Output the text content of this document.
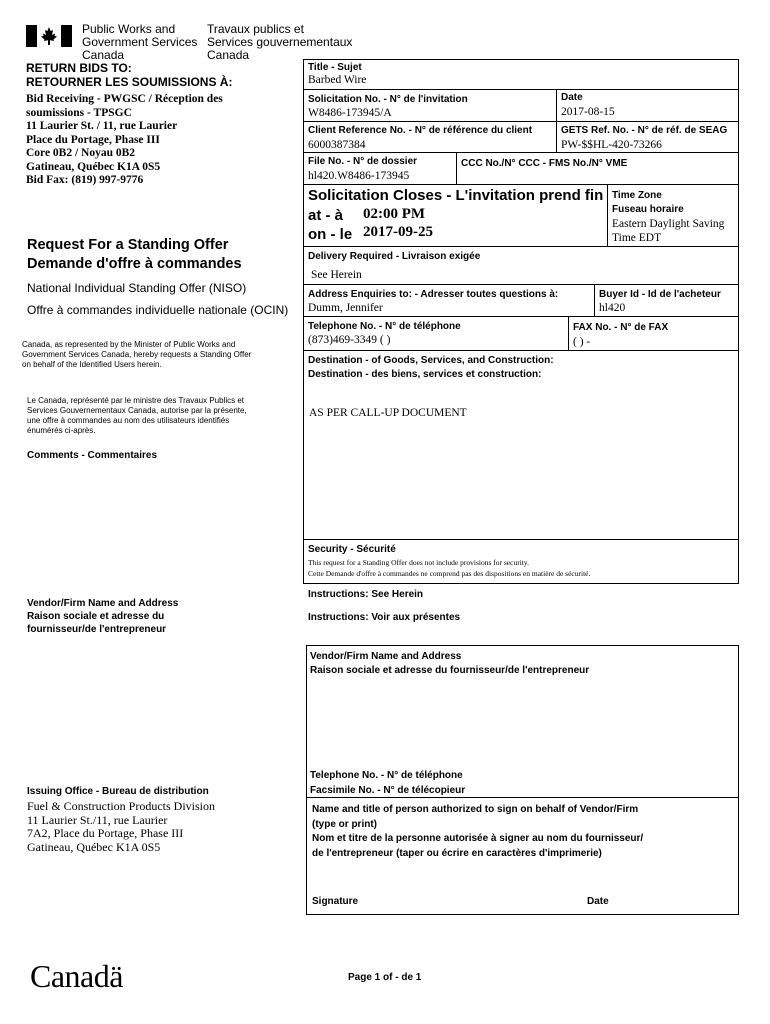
Public Works and
Government Services
Canada
Travaux publics et
Services gouvernementaux
Canada
RETURN BIDS TO:
RETOURNER LES SOUMISSIONS À:
Bid Receiving - PWGSC / Réception des
soumissions - TPSGC
11 Laurier St. / 11, rue Laurier
Place du Portage, Phase III
Core 0B2 / Noyau 0B2
Gatineau, Québec K1A 0S5
Bid Fax: (819) 997-9776
Request For a Standing Offer
Demande d'offre à commandes
National Individual Standing Offer (NISO)
Offre à commandes individuelle nationale (OCIN)
Canada, as represented by the Minister of Public Works and
Government Services Canada, hereby requests a Standing Offer
on behalf of the Identified Users herein.
Le Canada, représenté par le ministre des Travaux Publics et
Services Gouvernementaux Canada, autorise par la présente,
une offre à commandes au nom des utilisateurs identifiés
énumérés ci-après.
Comments - Commentaires
Vendor/Firm Name and Address
Raison sociale et adresse du
fournisseur/de l'entrepreneur
Issuing Office - Bureau de distribution
Fuel & Construction Products Division
11 Laurier St./11, rue Laurier
7A2, Place du Portage, Phase III
Gatineau, Québec K1A 0S5
Title - Sujet
Barbed Wire
Solicitation No. - N° de l'invitation
W8486-173945/A
Date
2017-08-15
Client Reference No. - N° de référence du client
6000387384
GETS Ref. No. - N° de réf. de SEAG
PW-$$HL-420-73266
File No. - N° de dossier
hl420.W8486-173945
CCC No./N° CCC - FMS No./N° VME
Solicitation Closes - L'invitation prend fin
at - à 02:00 PM
on - le 2017-09-25
Time Zone
Fuseau horaire
Eastern Daylight Saving
Time EDT
Delivery Required - Livraison exigée
See Herein
Address Enquiries to: - Adresser toutes questions à:
Dumm, Jennifer
Buyer Id - Id de l'acheteur
hl420
Telephone No. - N° de téléphone
(873)469-3349 ( )
FAX No. - N° de FAX
( ) -
Destination - of Goods, Services, and Construction:
Destination - des biens, services et construction:
AS PER CALL-UP DOCUMENT
Security - Sécurité
This request for a Standing Offer does not include provisions for security.
Cette Demande d'offre à commandes ne comprend pas des dispositions en matière de sécurité.
Instructions: See Herein
Instructions: Voir aux présentes
Vendor/Firm Name and Address
Raison sociale et adresse du fournisseur/de l'entrepreneur
Telephone No. - N° de téléphone
Facsimile No. - N° de télécopieur
Name and title of person authorized to sign on behalf of Vendor/Firm
(type or print)
Nom et titre de la personne autorisée à signer au nom du fournisseur/
de l'entrepreneur (taper ou écrire en caractères d'imprimerie)
Signature	Date
Canadä	Page 1 of - de 1
